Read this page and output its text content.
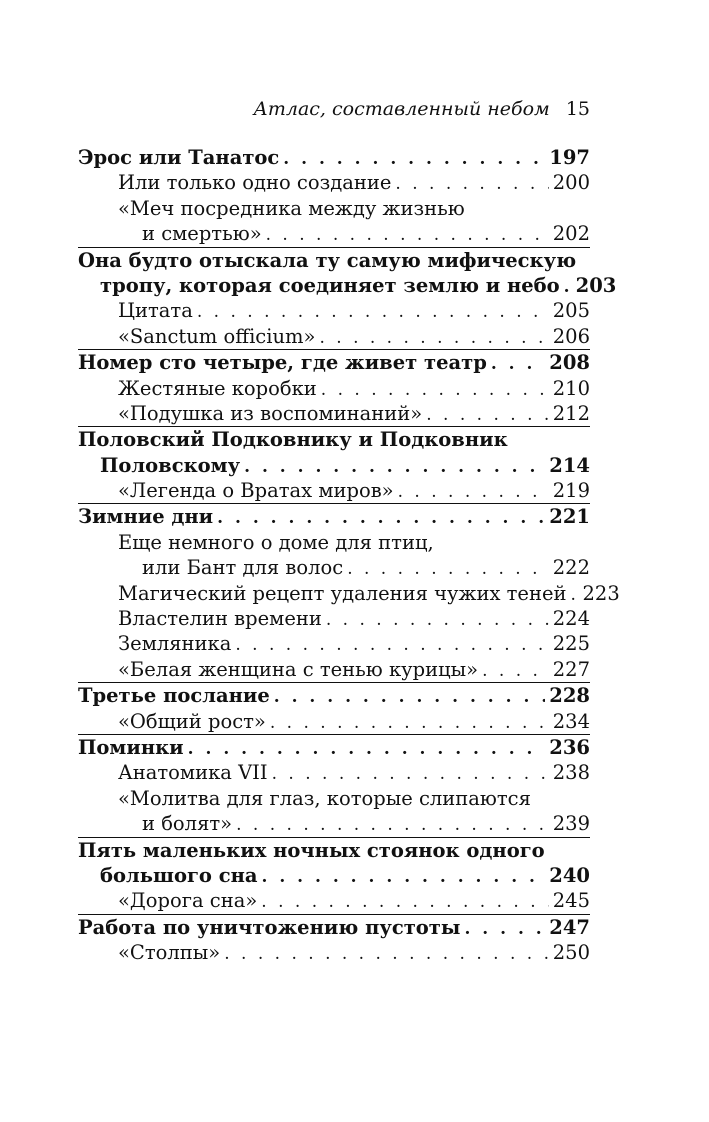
Атлас, составленный небом 15
Эрос или Танатос . . .	197
Или только одно создание . . .	200
«Меч посредника между жизнью
и смертью» . . .	202
Она будто отыскала ту самую мифическую
тропу, которая соединяет землю и небо . . . 203
Цитата . . .	205
«Sanctum officium» . . .	206
Номер сто четыре, где живет театр . . .	208
Жестяные коробки . . .	210
«Подушка из воспоминаний» . . .	212
Половский Подковнику и Подковник
Половскому . . .	214
«Легенда о Вратах миров» . . .	219
Зимние дни . . .	221
Еще немного о доме для птиц,
или Бант для волос . . .	222
Магический рецепт удаления чужих теней . . . 223
Властелин времени . . .	224
Земляника . . .	225
«Белая женщина с тенью курицы» . . .	227
Третье послание . . .	228
«Общий рост» . . .	234
Поминки . . .	236
Анатомика VII . . .	238
«Молитва для глаз, которые слипаются
и болят» . . .	239
Пять маленьких ночных стоянок одного
большого сна . . .	240
«Дорога сна» . . .	245
Работа по уничтожению пустоты . . .	247
«Столпы» . . .	250
